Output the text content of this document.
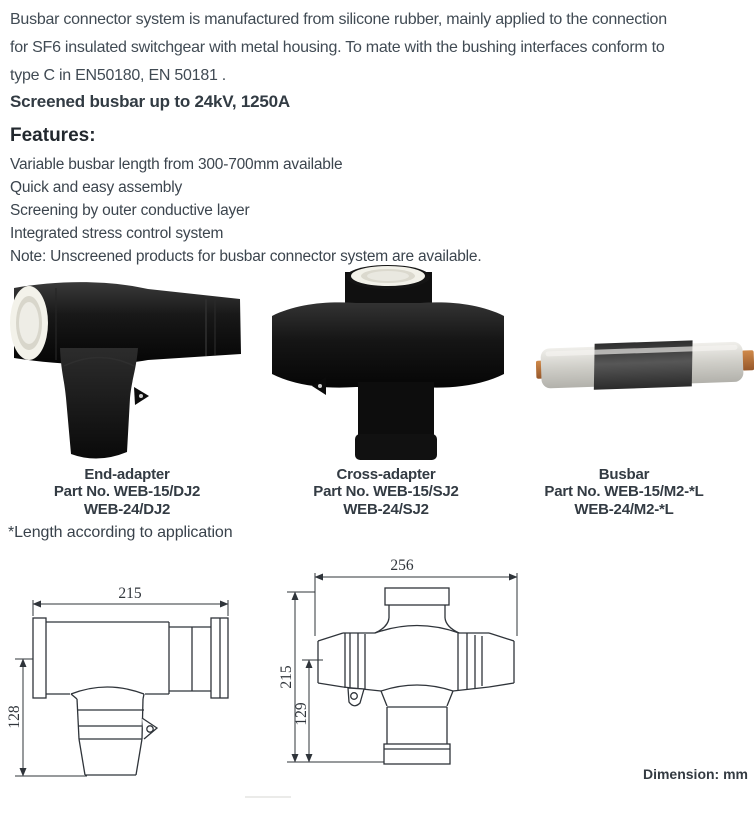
Busbar connector system is manufactured from silicone rubber, mainly applied to the connection
for SF6 insulated switchgear with metal housing. To mate with the bushing interfaces conform to
type C in EN50180, EN 50181 .
Screened busbar up to 24kV, 1250A
Features:
Variable busbar length from 300-700mm available
Quick and easy assembly
Screening by outer conductive layer
Integrated stress control system
Note: Unscreened products for busbar connector system are available.
End-adapter
Part No. WEB-15/DJ2
WEB-24/DJ2
Cross-adapter
Part No. WEB-15/SJ2
WEB-24/SJ2
Busbar
Part No. WEB-15/M2-*L
WEB-24/M2-*L
*Length according to application
215
128
256
215
129
Dimension: mm
